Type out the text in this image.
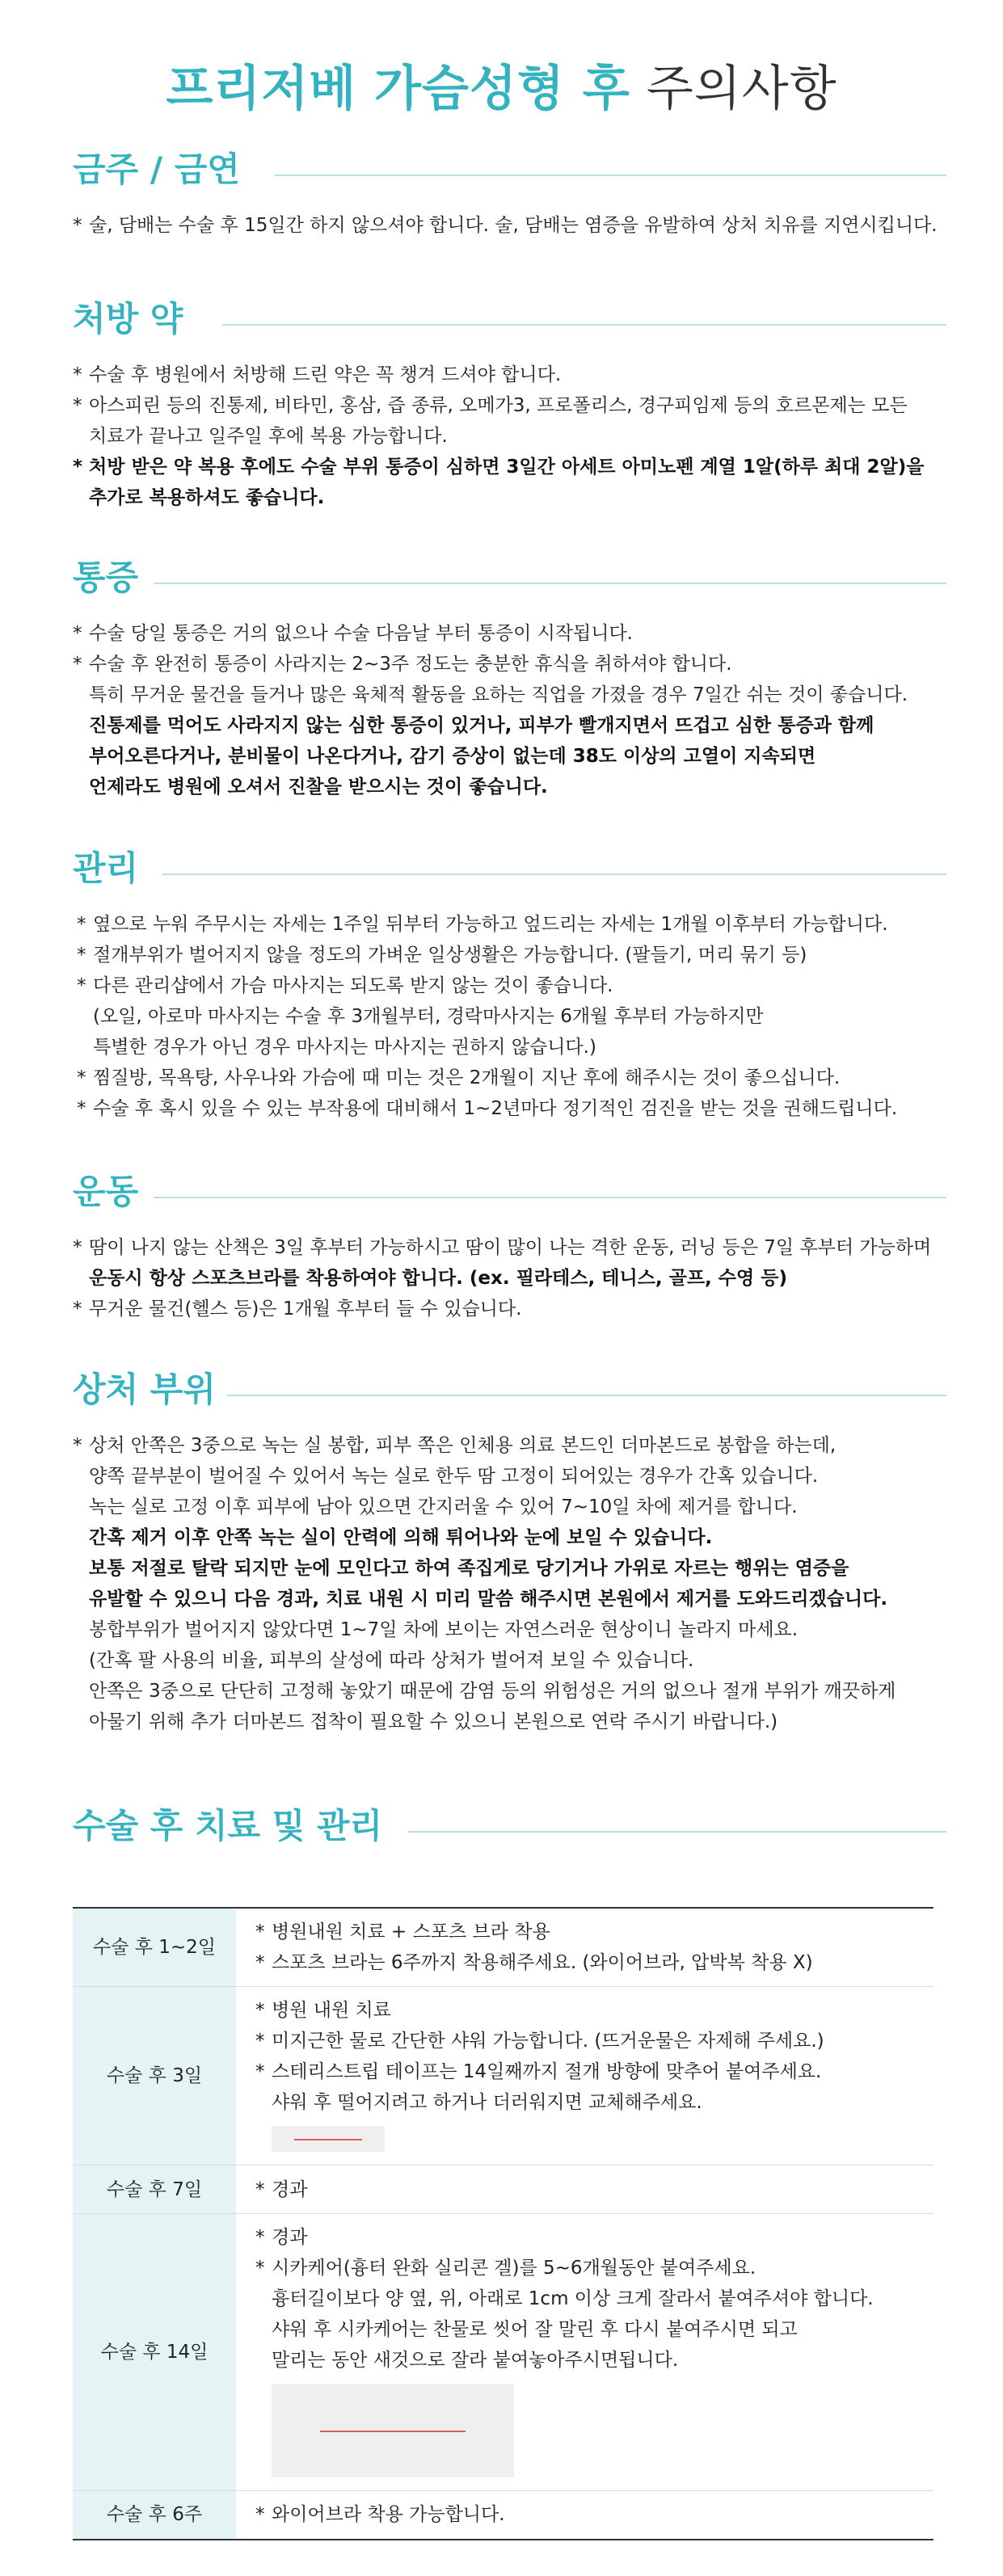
프리저베 가슴성형 후 주의사항
금주 / 금연
* 술, 담배는 수술 후 15일간 하지 않으셔야 합니다. 술, 담배는 염증을 유발하여 상처 치유를 지연시킵니다.
처방 약
* 수술 후 병원에서 처방해 드린 약은 꼭 챙겨 드셔야 합니다.
* 아스피린 등의 진통제, 비타민, 홍삼, 즙 종류, 오메가3, 프로폴리스, 경구피임제 등의 호르몬제는 모든
치료가 끝나고 일주일 후에 복용 가능합니다.
* 처방 받은 약 복용 후에도 수술 부위 통증이 심하면 3일간 아세트 아미노펜 계열 1알(하루 최대 2알)을
추가로 복용하셔도 좋습니다.
통증
* 수술 당일 통증은 거의 없으나 수술 다음날 부터 통증이 시작됩니다.
* 수술 후 완전히 통증이 사라지는 2~3주 정도는 충분한 휴식을 취하셔야 합니다.
특히 무거운 물건을 들거나 많은 육체적 활동을 요하는 직업을 가졌을 경우 7일간 쉬는 것이 좋습니다.
진통제를 먹어도 사라지지 않는 심한 통증이 있거나, 피부가 빨개지면서 뜨겁고 심한 통증과 함께
부어오른다거나, 분비물이 나온다거나, 감기 증상이 없는데 38도 이상의 고열이 지속되면
언제라도 병원에 오셔서 진찰을 받으시는 것이 좋습니다.
관리
* 옆으로 누워 주무시는 자세는 1주일 뒤부터 가능하고 엎드리는 자세는 1개월 이후부터 가능합니다.
* 절개부위가 벌어지지 않을 정도의 가벼운 일상생활은 가능합니다. (팔들기, 머리 묶기 등)
* 다른 관리샵에서 가슴 마사지는 되도록 받지 않는 것이 좋습니다.
(오일, 아로마 마사지는 수술 후 3개월부터, 경락마사지는 6개월 후부터 가능하지만
특별한 경우가 아닌 경우 마사지는 마사지는 권하지 않습니다.)
* 찜질방, 목욕탕, 사우나와 가슴에 때 미는 것은 2개월이 지난 후에 해주시는 것이 좋으십니다.
* 수술 후 혹시 있을 수 있는 부작용에 대비해서 1~2년마다 정기적인 검진을 받는 것을 권해드립니다.
운동
* 땀이 나지 않는 산책은 3일 후부터 가능하시고 땀이 많이 나는 격한 운동, 러닝 등은 7일 후부터 가능하며
운동시 항상 스포츠브라를 착용하여야 합니다. (ex. 필라테스, 테니스, 골프, 수영 등)
* 무거운 물건(헬스 등)은 1개월 후부터 들 수 있습니다.
상처 부위
* 상처 안쪽은 3중으로 녹는 실 봉합, 피부 쪽은 인체용 의료 본드인 더마본드로 봉합을 하는데,
양쪽 끝부분이 벌어질 수 있어서 녹는 실로 한두 땀 고정이 되어있는 경우가 간혹 있습니다.
녹는 실로 고정 이후 피부에 남아 있으면 간지러울 수 있어 7~10일 차에 제거를 합니다.
간혹 제거 이후 안쪽 녹는 실이 안력에 의해 튀어나와 눈에 보일 수 있습니다.
보통 저절로 탈락 되지만 눈에 모인다고 하여 족집게로 당기거나 가위로 자르는 행위는 염증을
유발할 수 있으니 다음 경과, 치료 내원 시 미리 말씀 해주시면 본원에서 제거를 도와드리겠습니다.
봉합부위가 벌어지지 않았다면 1~7일 차에 보이는 자연스러운 현상이니 놀라지 마세요.
(간혹 팔 사용의 비율, 피부의 살성에 따라 상처가 벌어져 보일 수 있습니다.
안쪽은 3중으로 단단히 고정해 놓았기 때문에 감염 등의 위험성은 거의 없으나 절개 부위가 깨끗하게
아물기 위해 추가 더마본드 접착이 필요할 수 있으니 본원으로 연락 주시기 바랍니다.)
수술 후 치료 및 관리
수술 후 1~2일	* 병원내원 치료 + 스포츠 브라 착용
* 스포츠 브라는 6주까지 착용해주세요. (와이어브라, 압박복 착용 X)

수술 후 3일	* 병원 내원 치료
* 미지근한 물로 간단한 샤워 가능합니다. (뜨거운물은 자제해 주세요.)
* 스테리스트립 테이프는 14일째까지 절개 방향에 맞추어 붙여주세요.
샤워 후 떨어지려고 하거나 더러워지면 교체해주세요.

수술 후 7일	* 경과

수술 후 14일	* 경과
* 시카케어(흉터 완화 실리콘 겔)를 5~6개월동안 붙여주세요.
흉터길이보다 양 옆, 위, 아래로 1cm 이상 크게 잘라서 붙여주셔야 합니다.
샤워 후 시카케어는 찬물로 씻어 잘 말린 후 다시 붙여주시면 되고
말리는 동안 새것으로 잘라 붙여놓아주시면됩니다.

수술 후 6주	* 와이어브라 착용 가능합니다.
